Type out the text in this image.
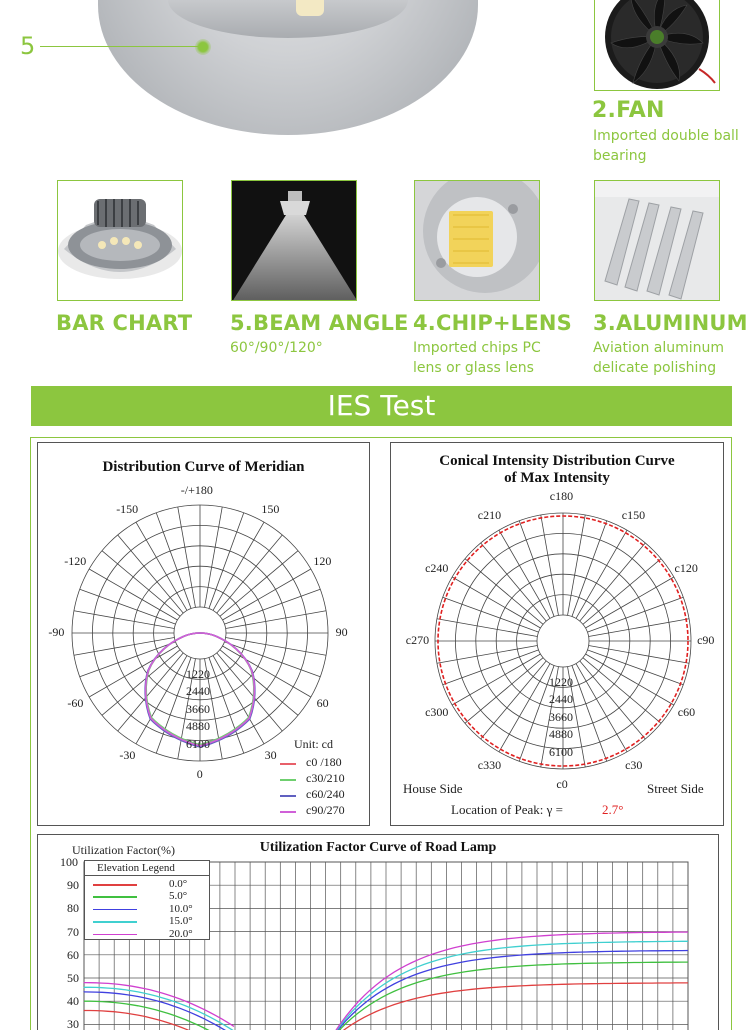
5
2.FAN
Imported double ball bearing
BAR CHART 5.BEAM ANGLE 4.CHIP+LENS 3.ALUMINUM
60°/90°/120°	Imported chips PC lens or glass lens
Aviation aluminum delicate polishing
IES Test
Distribution Curve of Meridian
-/+180
150
120
90
60
30
0
-30
-60
-90
-120
-150
1220
2440
3660
4880
6100	Unit: cd
c0 /180
c30/210
c60/240
c90/270
Conical Intensity Distribution Curve
of Max Intensity
c180
c150
c120
c90
c60
c30
c0
c330
c300
c270
c240
c210
1220
2440
3660
4880
6100
House Side	Street Side
Location of Peak: γ =	2.7°
Utilization Factor Curve of Road Lamp
Utilization Factor(%)
100
90
80
70
60
50
40
30
Elevation Legend
0.0°
5.0°
10.0°
15.0°
20.0°
